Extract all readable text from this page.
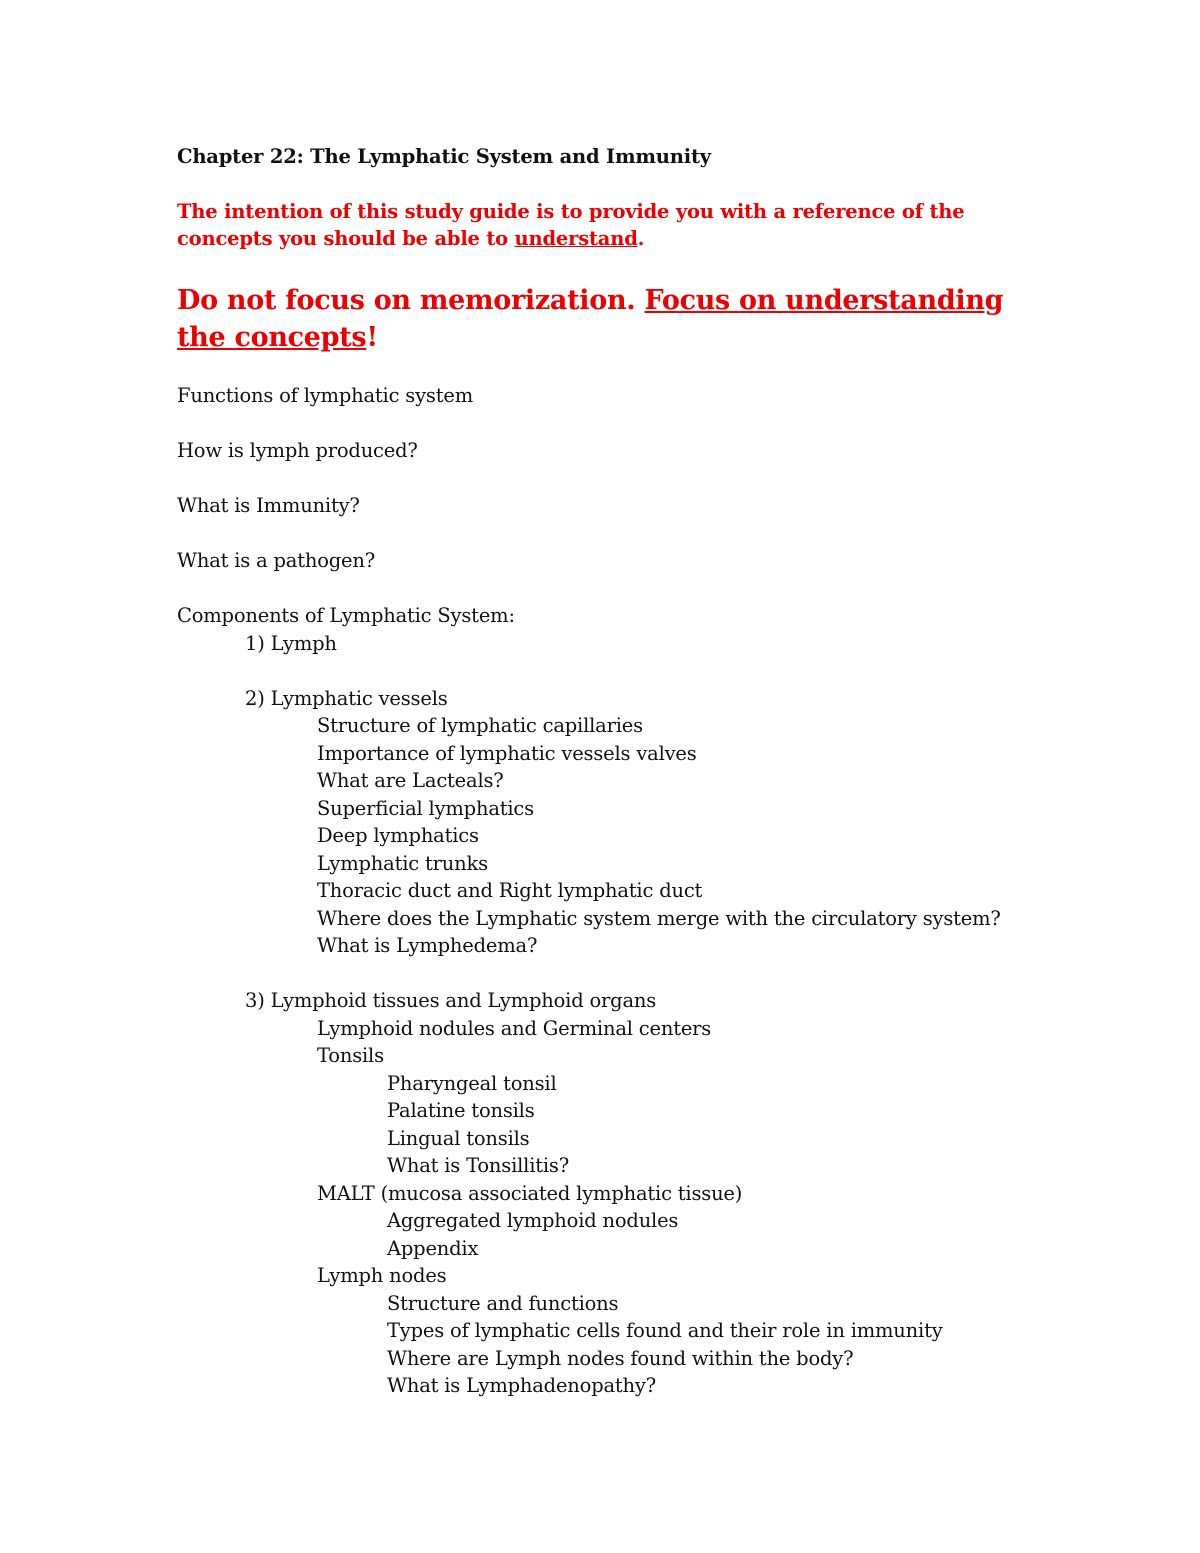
Chapter 22: The Lymphatic System and Immunity
The intention of this study guide is to provide you with a reference of the
concepts you should be able to understand.
Do not focus on memorization. Focus on understanding
the concepts!
Functions of lymphatic system
How is lymph produced?
What is Immunity?
What is a pathogen?
Components of Lymphatic System:
1) Lymph
2) Lymphatic vessels
Structure of lymphatic capillaries
Importance of lymphatic vessels valves
What are Lacteals?
Superficial lymphatics
Deep lymphatics
Lymphatic trunks
Thoracic duct and Right lymphatic duct
Where does the Lymphatic system merge with the circulatory system?
What is Lymphedema?
3) Lymphoid tissues and Lymphoid organs
Lymphoid nodules and Germinal centers
Tonsils
Pharyngeal tonsil
Palatine tonsils
Lingual tonsils
What is Tonsillitis?
MALT (mucosa associated lymphatic tissue)
Aggregated lymphoid nodules
Appendix
Lymph nodes
Structure and functions
Types of lymphatic cells found and their role in immunity
Where are Lymph nodes found within the body?
What is Lymphadenopathy?
